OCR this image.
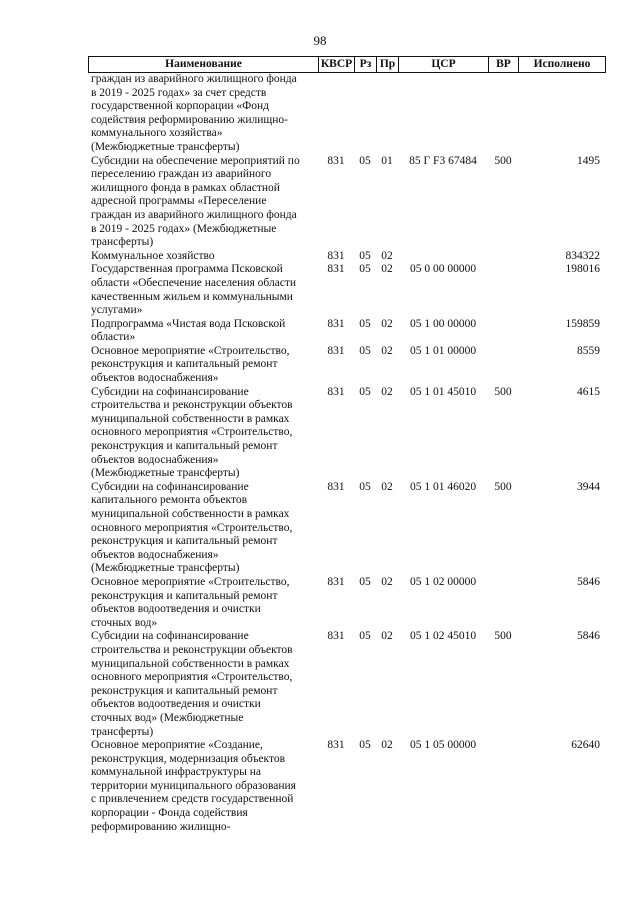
98
Наименование	КВСР Рз Пр	ЦСР	ВР	Исполнено
граждан из аварийного жилищного фонда
в 2019 - 2025 годах» за счет средств
государственной корпорации «Фонд
содействия реформированию жилищно-
коммунального хозяйства»
(Межбюджетные трансферты)
Субсидии на обеспечение мероприятий по
переселению граждан из аварийного
жилищного фонда в рамках областной
адресной программы «Переселение
граждан из аварийного жилищного фонда
в 2019 - 2025 годах» (Межбюджетные
трансферты)
831	05 01	85 Г F3 67484	500	1495
Коммунальное хозяйство	831	05 02	834322
Государственная программа Псковской
области «Обеспечение населения области
качественным жильем и коммунальными
услугами»
831	05 02	05 0 00 00000	198016
Подпрограмма «Чистая вода Псковской
области»
831	05 02	05 1 00 00000	159859
Основное мероприятие «Строительство,
реконструкция и капитальный ремонт
объектов водоснабжения»
831	05 02	05 1 01 00000	8559
Субсидии на софинансирование
строительства и реконструкции объектов
муниципальной собственности в рамках
основного мероприятия «Строительство,
реконструкция и капитальный ремонт
объектов водоснабжения»
(Межбюджетные трансферты)
831	05 02	05 1 01 45010	500	4615
Субсидии на софинансирование
капитального ремонта объектов
муниципальной собственности в рамках
основного мероприятия «Строительство,
реконструкция и капитальный ремонт
объектов водоснабжения»
(Межбюджетные трансферты)
831	05 02	05 1 01 46020	500	3944
Основное мероприятие «Строительство,
реконструкция и капитальный ремонт
объектов водоотведения и очистки
сточных вод»
831	05 02	05 1 02 00000	5846
Субсидии на софинансирование
строительства и реконструкции объектов
муниципальной собственности в рамках
основного мероприятия «Строительство,
реконструкция и капитальный ремонт
объектов водоотведения и очистки
сточных вод» (Межбюджетные
трансферты)
831	05 02	05 1 02 45010	500	5846
Основное мероприятие «Создание,
реконструкция, модернизация объектов
коммунальной инфраструктуры на
территории муниципального образования
с привлечением средств государственной
корпорации - Фонда содействия
реформированию жилищно-
831	05 02	05 1 05 00000	62640
